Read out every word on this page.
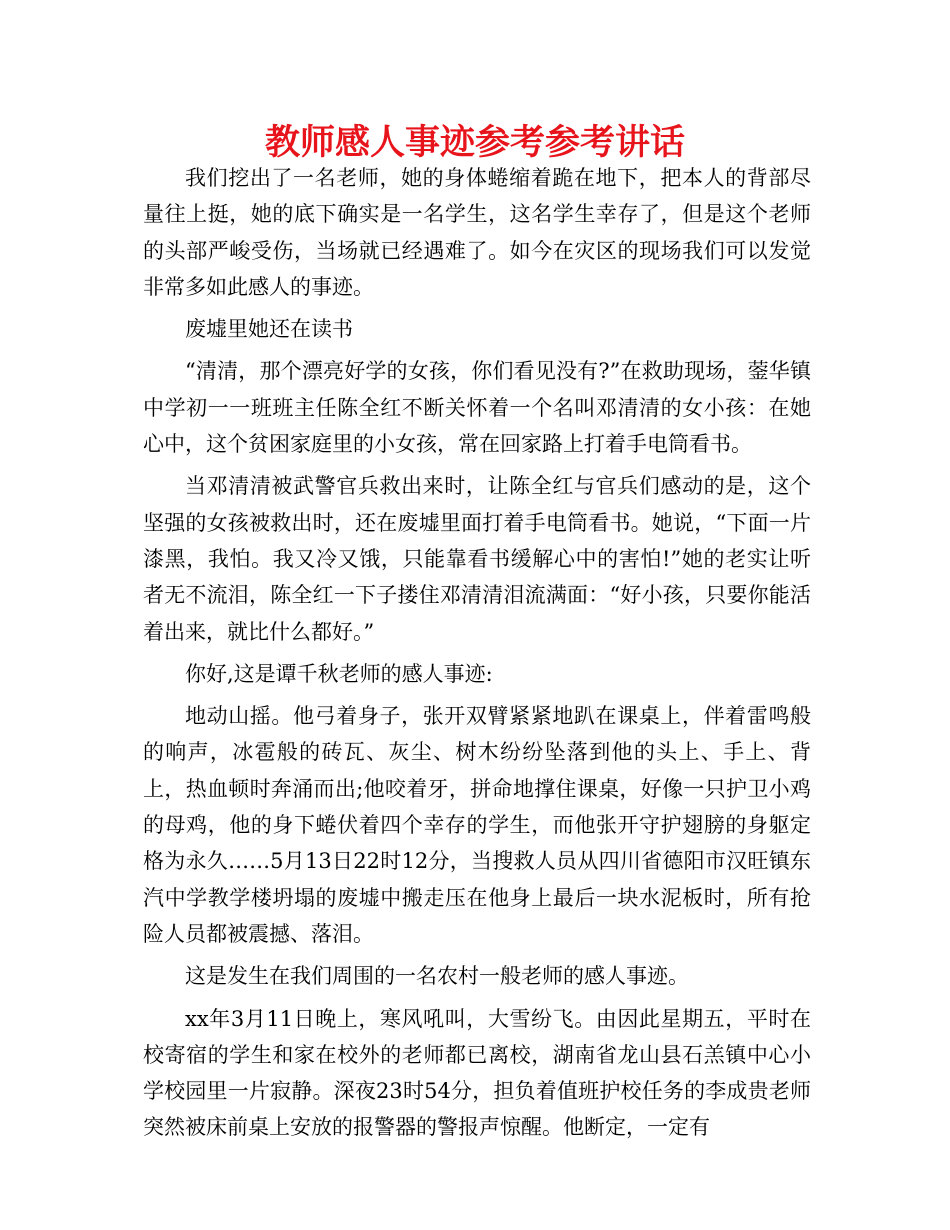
教师感人事迹参考参考讲话

我们挖出了一名老师，她的身体蜷缩着跪在地下，把本人的背部尽量往上挺，她的底下确实是一名学生，这名学生幸存了，但是这个老师的头部严峻受伤，当场就已经遇难了。如今在灾区的现场我们可以发觉非常多如此感人的事迹。

废墟里她还在读书

“清清，那个漂亮好学的女孩，你们看见没有?”在救助现场，蓥华镇中学初一一班班主任陈全红不断关怀着一个名叫邓清清的女小孩：在她心中，这个贫困家庭里的小女孩，常在回家路上打着手电筒看书。

当邓清清被武警官兵救出来时，让陈全红与官兵们感动的是，这个坚强的女孩被救出时，还在废墟里面打着手电筒看书。她说，“下面一片漆黑，我怕。我又冷又饿，只能靠看书缓解心中的害怕!”她的老实让听者无不流泪，陈全红一下子搂住邓清清泪流满面：“好小孩，只要你能活着出来，就比什么都好。”

你好,这是谭千秋老师的感人事迹:

地动山摇。他弓着身子，张开双臂紧紧地趴在课桌上，伴着雷鸣般的响声，冰雹般的砖瓦、灰尘、树木纷纷坠落到他的头上、手上、背上，热血顿时奔涌而出;他咬着牙，拼命地撑住课桌，好像一只护卫小鸡的母鸡，他的身下蜷伏着四个幸存的学生，而他张开守护翅膀的身躯定格为永久……5月13日22时12分，当搜救人员从四川省德阳市汉旺镇东汽中学教学楼坍塌的废墟中搬走压在他身上最后一块水泥板时，所有抢险人员都被震撼、落泪。

这是发生在我们周围的一名农村一般老师的感人事迹。

xx年3月11日晚上，寒风吼叫，大雪纷飞。由因此星期五，平时在校寄宿的学生和家在校外的老师都已离校，湖南省龙山县石羔镇中心小学校园里一片寂静。深夜23时54分，担负着值班护校任务的李成贵老师突然被床前桌上安放的报警器的警报声惊醒。他断定，一定有
